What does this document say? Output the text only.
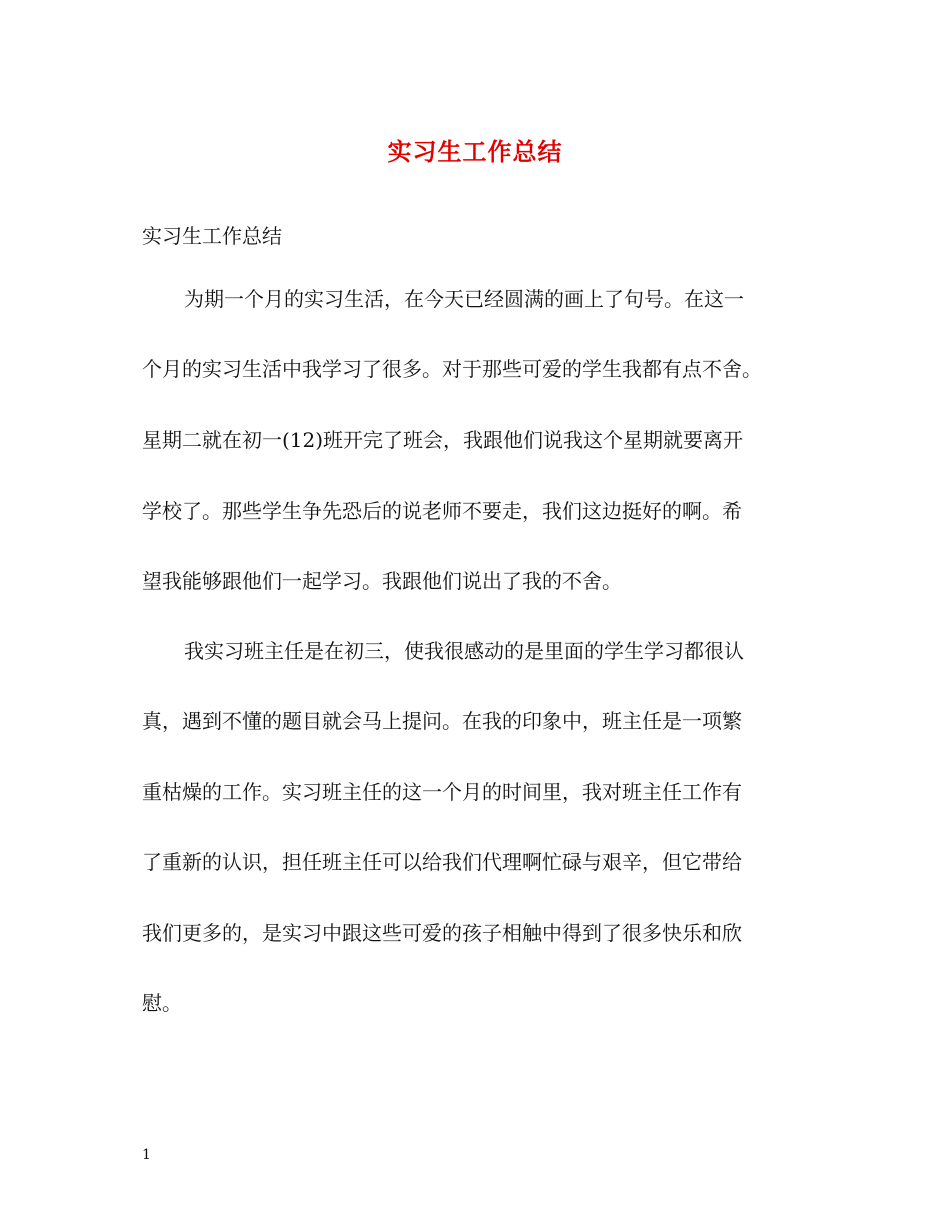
实习生工作总结
实习生工作总结
为期一个月的实习生活，在今天已经圆满的画上了句号。在这一
个月的实习生活中我学习了很多。对于那些可爱的学生我都有点不舍。
星期二就在初一(12)班开完了班会，我跟他们说我这个星期就要离开
学校了。那些学生争先恐后的说老师不要走，我们这边挺好的啊。希
望我能够跟他们一起学习。我跟他们说出了我的不舍。
我实习班主任是在初三，使我很感动的是里面的学生学习都很认
真，遇到不懂的题目就会马上提问。在我的印象中，班主任是一项繁
重枯燥的工作。实习班主任的这一个月的时间里，我对班主任工作有
了重新的认识，担任班主任可以给我们代理啊忙碌与艰辛，但它带给
我们更多的，是实习中跟这些可爱的孩子相触中得到了很多快乐和欣
慰。
1
